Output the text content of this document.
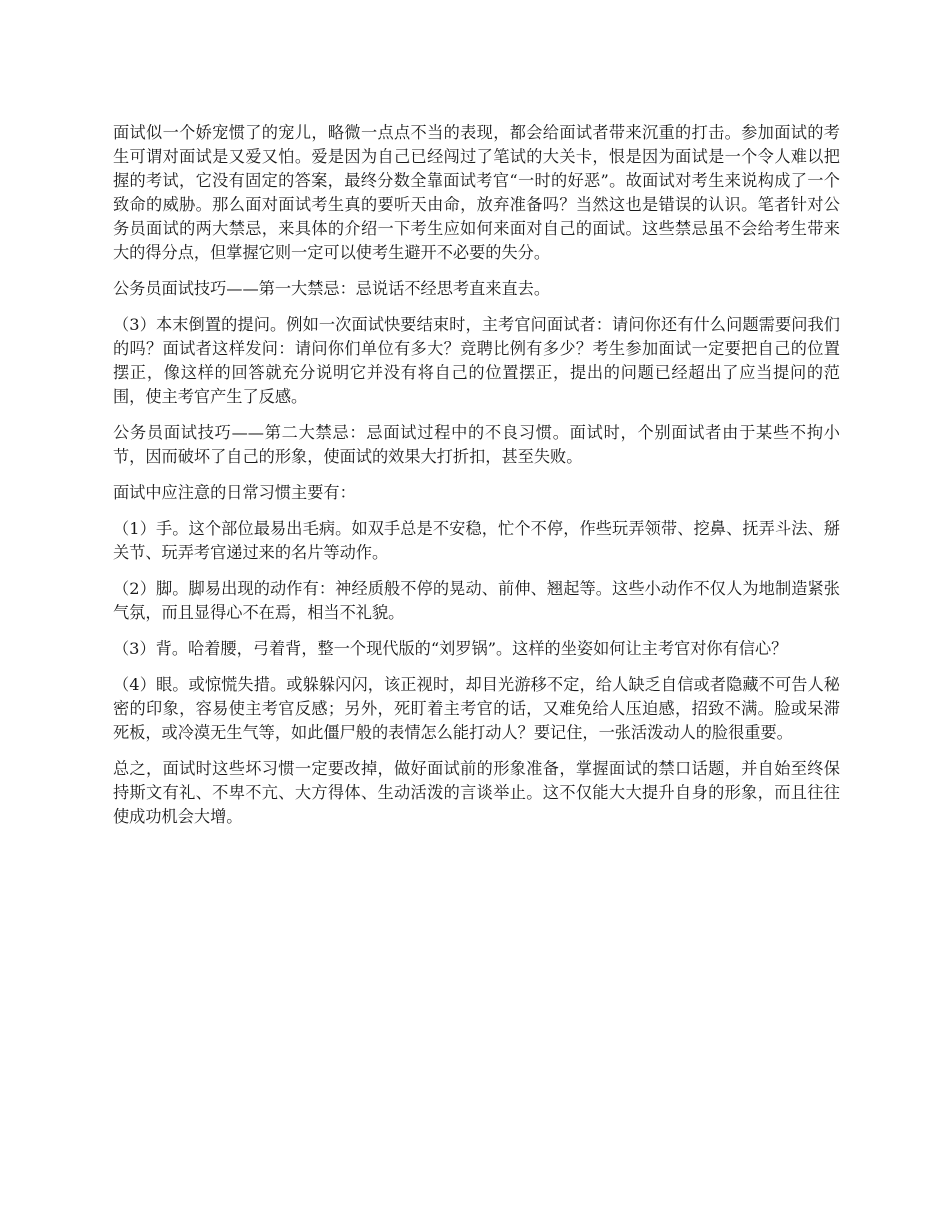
面试似一个娇宠惯了的宠儿，略微一点点不当的表现，都会给面试者带来沉重的打击。参加面试的考生可谓对面试是又爱又怕。爱是因为自己已经闯过了笔试的大关卡，恨是因为面试是一个令人难以把握的考试，它没有固定的答案，最终分数全靠面试考官“一时的好恶”。故面试对考生来说构成了一个致命的威胁。那么面对面试考生真的要听天由命，放弃准备吗？当然这也是错误的认识。笔者针对公务员面试的两大禁忌，来具体的介绍一下考生应如何来面对自己的面试。这些禁忌虽不会给考生带来大的得分点，但掌握它则一定可以使考生避开不必要的失分。

公务员面试技巧——第一大禁忌：忌说话不经思考直来直去。

（3）本末倒置的提问。例如一次面试快要结束时，主考官问面试者：请问你还有什么问题需要问我们的吗？面试者这样发问：请问你们单位有多大？竞聘比例有多少？考生参加面试一定要把自己的位置摆正，像这样的回答就充分说明它并没有将自己的位置摆正，提出的问题已经超出了应当提问的范围，使主考官产生了反感。

公务员面试技巧——第二大禁忌：忌面试过程中的不良习惯。面试时，个别面试者由于某些不拘小节，因而破坏了自己的形象，使面试的效果大打折扣，甚至失败。

面试中应注意的日常习惯主要有：

（1）手。这个部位最易出毛病。如双手总是不安稳，忙个不停，作些玩弄领带、挖鼻、抚弄斗法、掰关节、玩弄考官递过来的名片等动作。

（2）脚。脚易出现的动作有：神经质般不停的晃动、前伸、翘起等。这些小动作不仅人为地制造紧张气氛，而且显得心不在焉，相当不礼貌。

（3）背。哈着腰，弓着背，整一个现代版的“刘罗锅”。这样的坐姿如何让主考官对你有信心？

（4）眼。或惊慌失措。或躲躲闪闪，该正视时，却目光游移不定，给人缺乏自信或者隐藏不可告人秘密的印象，容易使主考官反感；另外，死盯着主考官的话，又难免给人压迫感，招致不满。脸或呆滞死板，或冷漠无生气等，如此僵尸般的表情怎么能打动人？要记住，一张活泼动人的脸很重要。

总之，面试时这些坏习惯一定要改掉，做好面试前的形象准备，掌握面试的禁口话题，并自始至终保持斯文有礼、不卑不亢、大方得体、生动活泼的言谈举止。这不仅能大大提升自身的形象，而且往往使成功机会大增。
